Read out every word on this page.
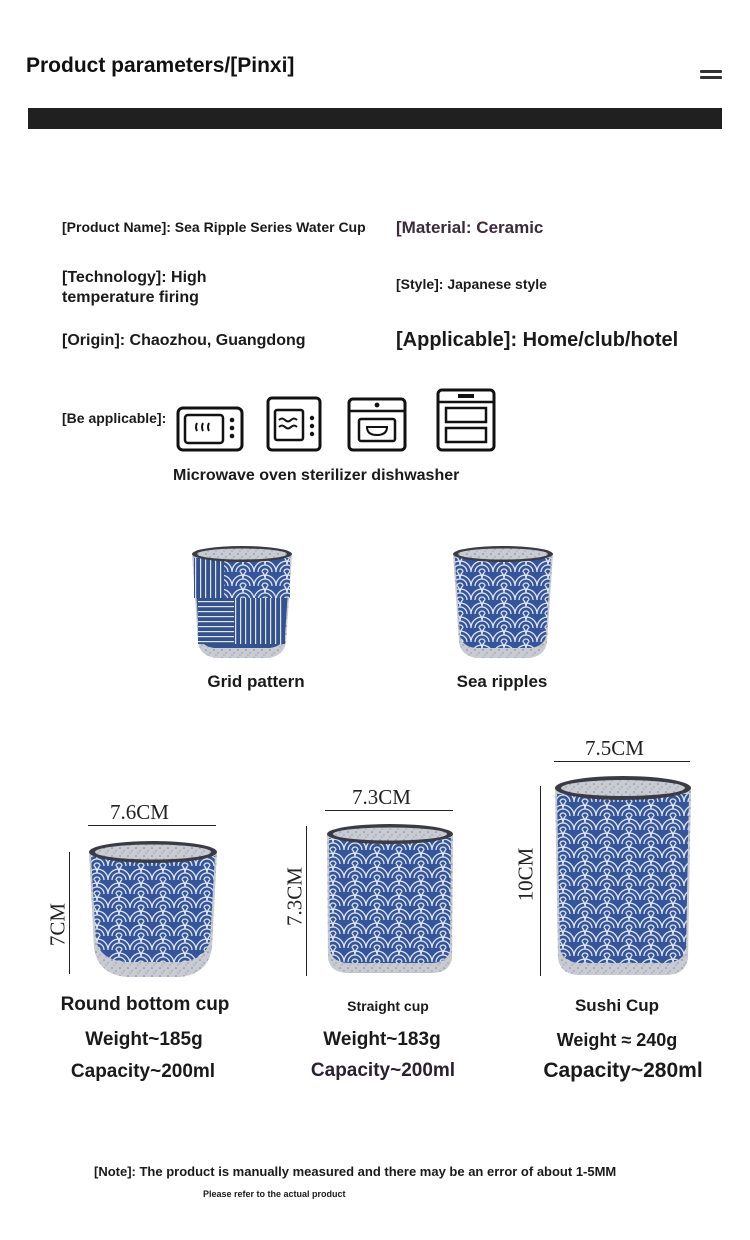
Product parameters/[Pinxi]
[Product Name]: Sea Ripple Series Water Cup [Material: Ceramic
[Technology]: High
temperature firing
[Style]: Japanese style
[Origin]: Chaozhou, Guangdong	[Applicable]: Home/club/hotel
[Be applicable]:
Microwave oven sterilizer dishwasher
Grid pattern	Sea ripples
7.6CM
7CM
Round bottom cup
Weight~185g
Capacity~200ml
7.3CM
7.3CM
Straight cup
Weight~183g
Capacity~200ml
7.5CM
10CM
Sushi Cup
Weight ≈ 240g
Capacity~280ml
[Note]: The product is manually measured and there may be an error of about 1-5MM
Please refer to the actual product
